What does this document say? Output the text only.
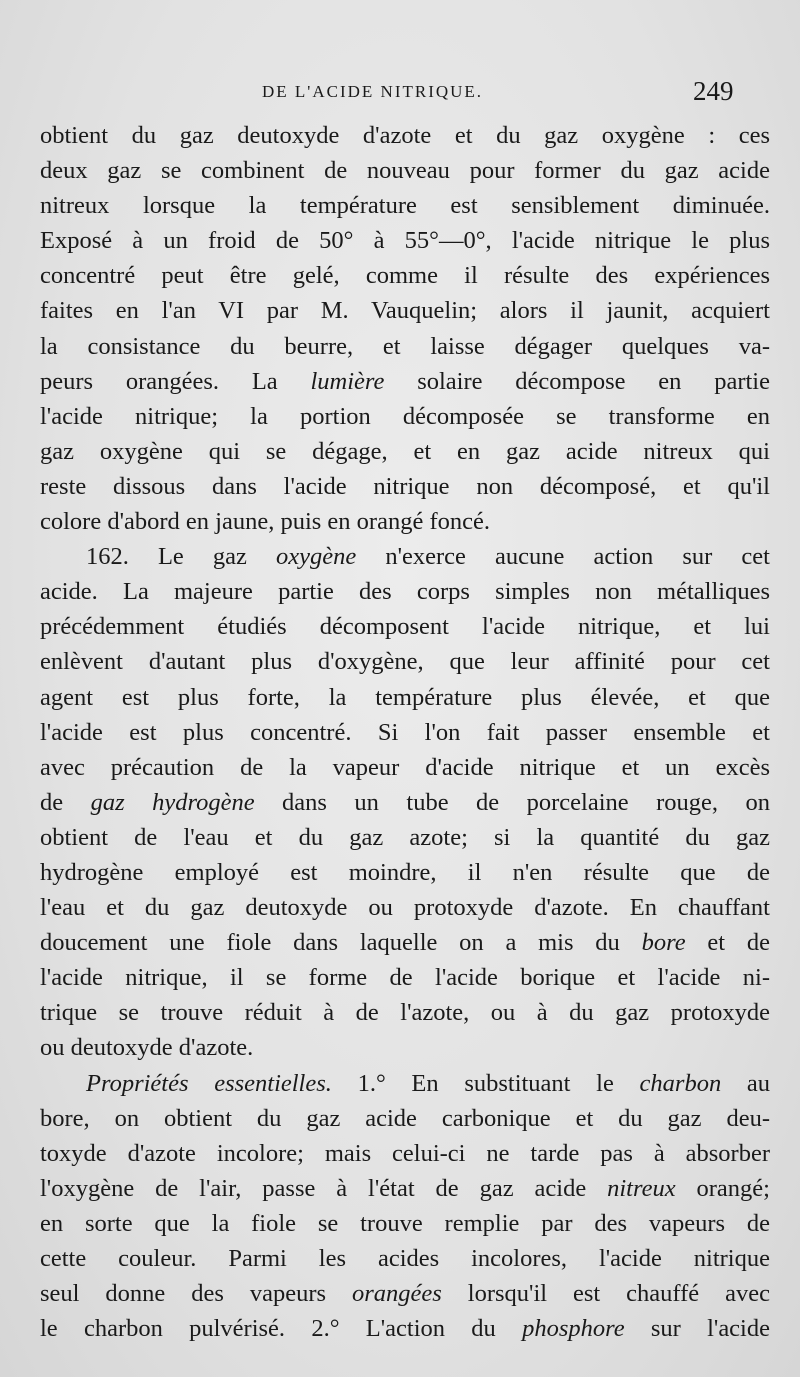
DE L'ACIDE NITRIQUE.	249
obtient du gaz deutoxyde d'azote et du gaz oxygène : ces
deux gaz se combinent de nouveau pour former du gaz acide
nitreux lorsque la température est sensiblement diminuée.
Exposé à un froid de 50° à 55°—0°, l'acide nitrique le plus
concentré peut être gelé, comme il résulte des expériences
faites en l'an VI par M. Vauquelin; alors il jaunit, acquiert
la consistance du beurre, et laisse dégager quelques va-
peurs orangées. La lumière solaire décompose en partie
l'acide nitrique; la portion décomposée se transforme en
gaz oxygène qui se dégage, et en gaz acide nitreux qui
reste dissous dans l'acide nitrique non décomposé, et qu'il
colore d'abord en jaune, puis en orangé foncé.
162. Le gaz oxygène n'exerce aucune action sur cet
acide. La majeure partie des corps simples non métalliques
précédemment étudiés décomposent l'acide nitrique, et lui
enlèvent d'autant plus d'oxygène, que leur affinité pour cet
agent est plus forte, la température plus élevée, et que
l'acide est plus concentré. Si l'on fait passer ensemble et
avec précaution de la vapeur d'acide nitrique et un excès
de gaz hydrogène dans un tube de porcelaine rouge, on
obtient de l'eau et du gaz azote; si la quantité du gaz
hydrogène employé est moindre, il n'en résulte que de
l'eau et du gaz deutoxyde ou protoxyde d'azote. En chauffant
doucement une fiole dans laquelle on a mis du bore et de
l'acide nitrique, il se forme de l'acide borique et l'acide ni-
trique se trouve réduit à de l'azote, ou à du gaz protoxyde
ou deutoxyde d'azote.
Propriétés essentielles. 1.° En substituant le charbon au
bore, on obtient du gaz acide carbonique et du gaz deu-
toxyde d'azote incolore; mais celui-ci ne tarde pas à absorber
l'oxygène de l'air, passe à l'état de gaz acide nitreux orangé;
en sorte que la fiole se trouve remplie par des vapeurs de
cette couleur. Parmi les acides incolores, l'acide nitrique
seul donne des vapeurs orangées lorsqu'il est chauffé avec
le charbon pulvérisé. 2.° L'action du phosphore sur l'acide
